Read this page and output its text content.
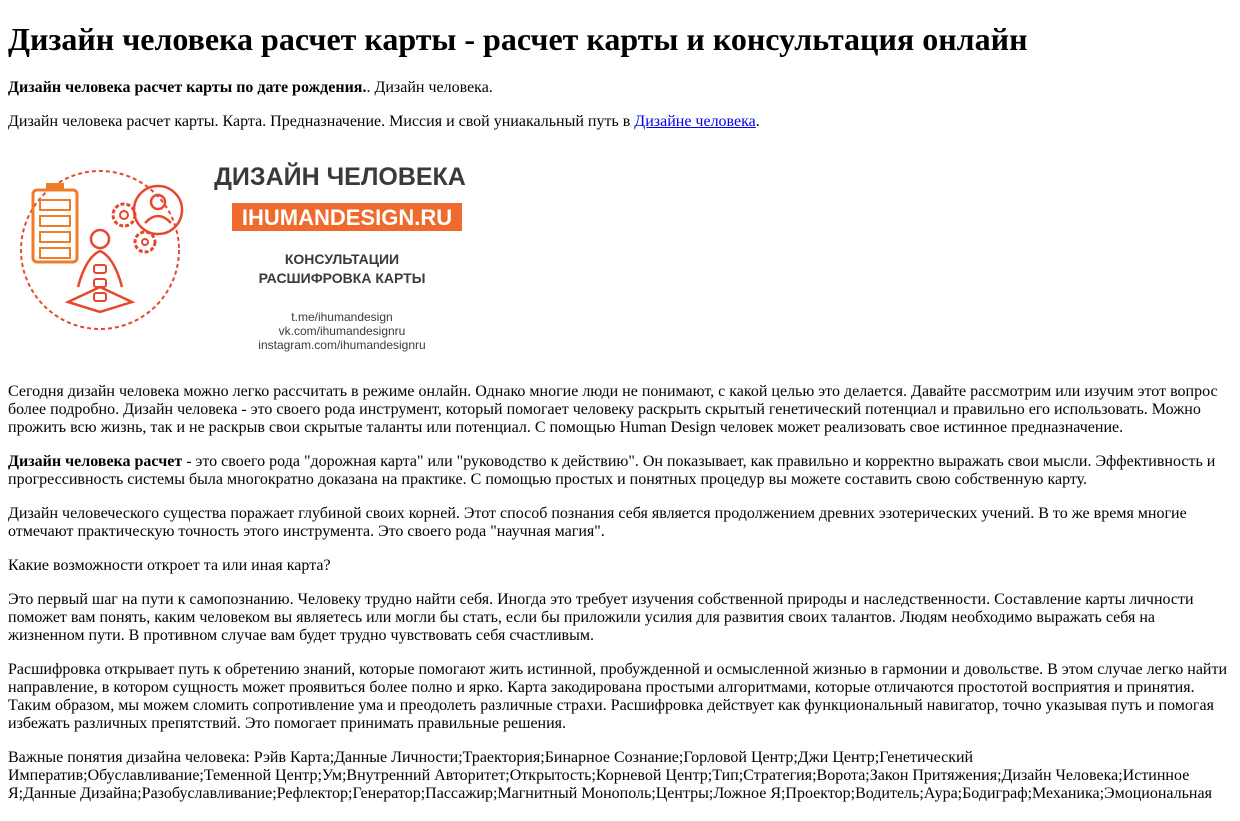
Дизайн человека расчет карты - расчет карты и консультация онлайн

Дизайн человека расчет карты по дате рождения.. Дизайн человека.

Дизайн человека расчет карты. Карта. Предназначение. Миссия и свой униакальный путь в Дизайне человека.

ДИЗАЙН ЧЕЛОВЕКА
IHUMANDESIGN.RU
КОНСУЛЬТАЦИИ
РАСШИФРОВКА КАРТЫ
t.me/ihumandesign
vk.com/ihumandesignru
instagram.com/ihumandesignru

Сегодня дизайн человека можно легко рассчитать в режиме онлайн. Однако многие люди не понимают, с какой целью это делается. Давайте рассмотрим или изучим этот вопрос более подробно. Дизайн человека - это своего рода инструмент, который помогает человеку раскрыть скрытый генетический потенциал и правильно его использовать. Можно прожить всю жизнь, так и не раскрыв свои скрытые таланты или потенциал. С помощью Human Design человек может реализовать свое истинное предназначение.

Дизайн человека расчет - это своего рода "дорожная карта" или "руководство к действию". Он показывает, как правильно и корректно выражать свои мысли. Эффективность и прогрессивность системы была многократно доказана на практике. С помощью простых и понятных процедур вы можете составить свою собственную карту.

Дизайн человеческого существа поражает глубиной своих корней. Этот способ познания себя является продолжением древних эзотерических учений. В то же время многие отмечают практическую точность этого инструмента. Это своего рода "научная магия".

Какие возможности откроет та или иная карта?

Это первый шаг на пути к самопознанию. Человеку трудно найти себя. Иногда это требует изучения собственной природы и наследственности. Составление карты личности поможет вам понять, каким человеком вы являетесь или могли бы стать, если бы приложили усилия для развития своих талантов. Людям необходимо выражать себя на жизненном пути. В противном случае вам будет трудно чувствовать себя счастливым.

Расшифровка открывает путь к обретению знаний, которые помогают жить истинной, пробужденной и осмысленной жизнью в гармонии и довольстве. В этом случае легко найти направление, в котором сущность может проявиться более полно и ярко. Карта закодирована простыми алгоритмами, которые отличаются простотой восприятия и принятия. Таким образом, мы можем сломить сопротивление ума и преодолеть различные страхи. Расшифровка действует как функциональный навигатор, точно указывая путь и помогая избежать различных препятствий. Это помогает принимать правильные решения.

Важные понятия дизайна человека: Рэйв Карта;Данные Личности;Траектория;Бинарное Сознание;Горловой Центр;Джи Центр;Генетический Императив;Обуславливание;Теменной Центр;Ум;Внутренний Авторитет;Открытость;Корневой Центр;Тип;Стратегия;Ворота;Закон Притяжения;Дизайн Человека;Истинное Я;Данные Дизайна;Разобуславливание;Рефлектор;Генератор;Пассажир;Магнитный Монополь;Центры;Ложное Я;Проектор;Водитель;Аура;Бодиграф;Механика;Эмоциональная
